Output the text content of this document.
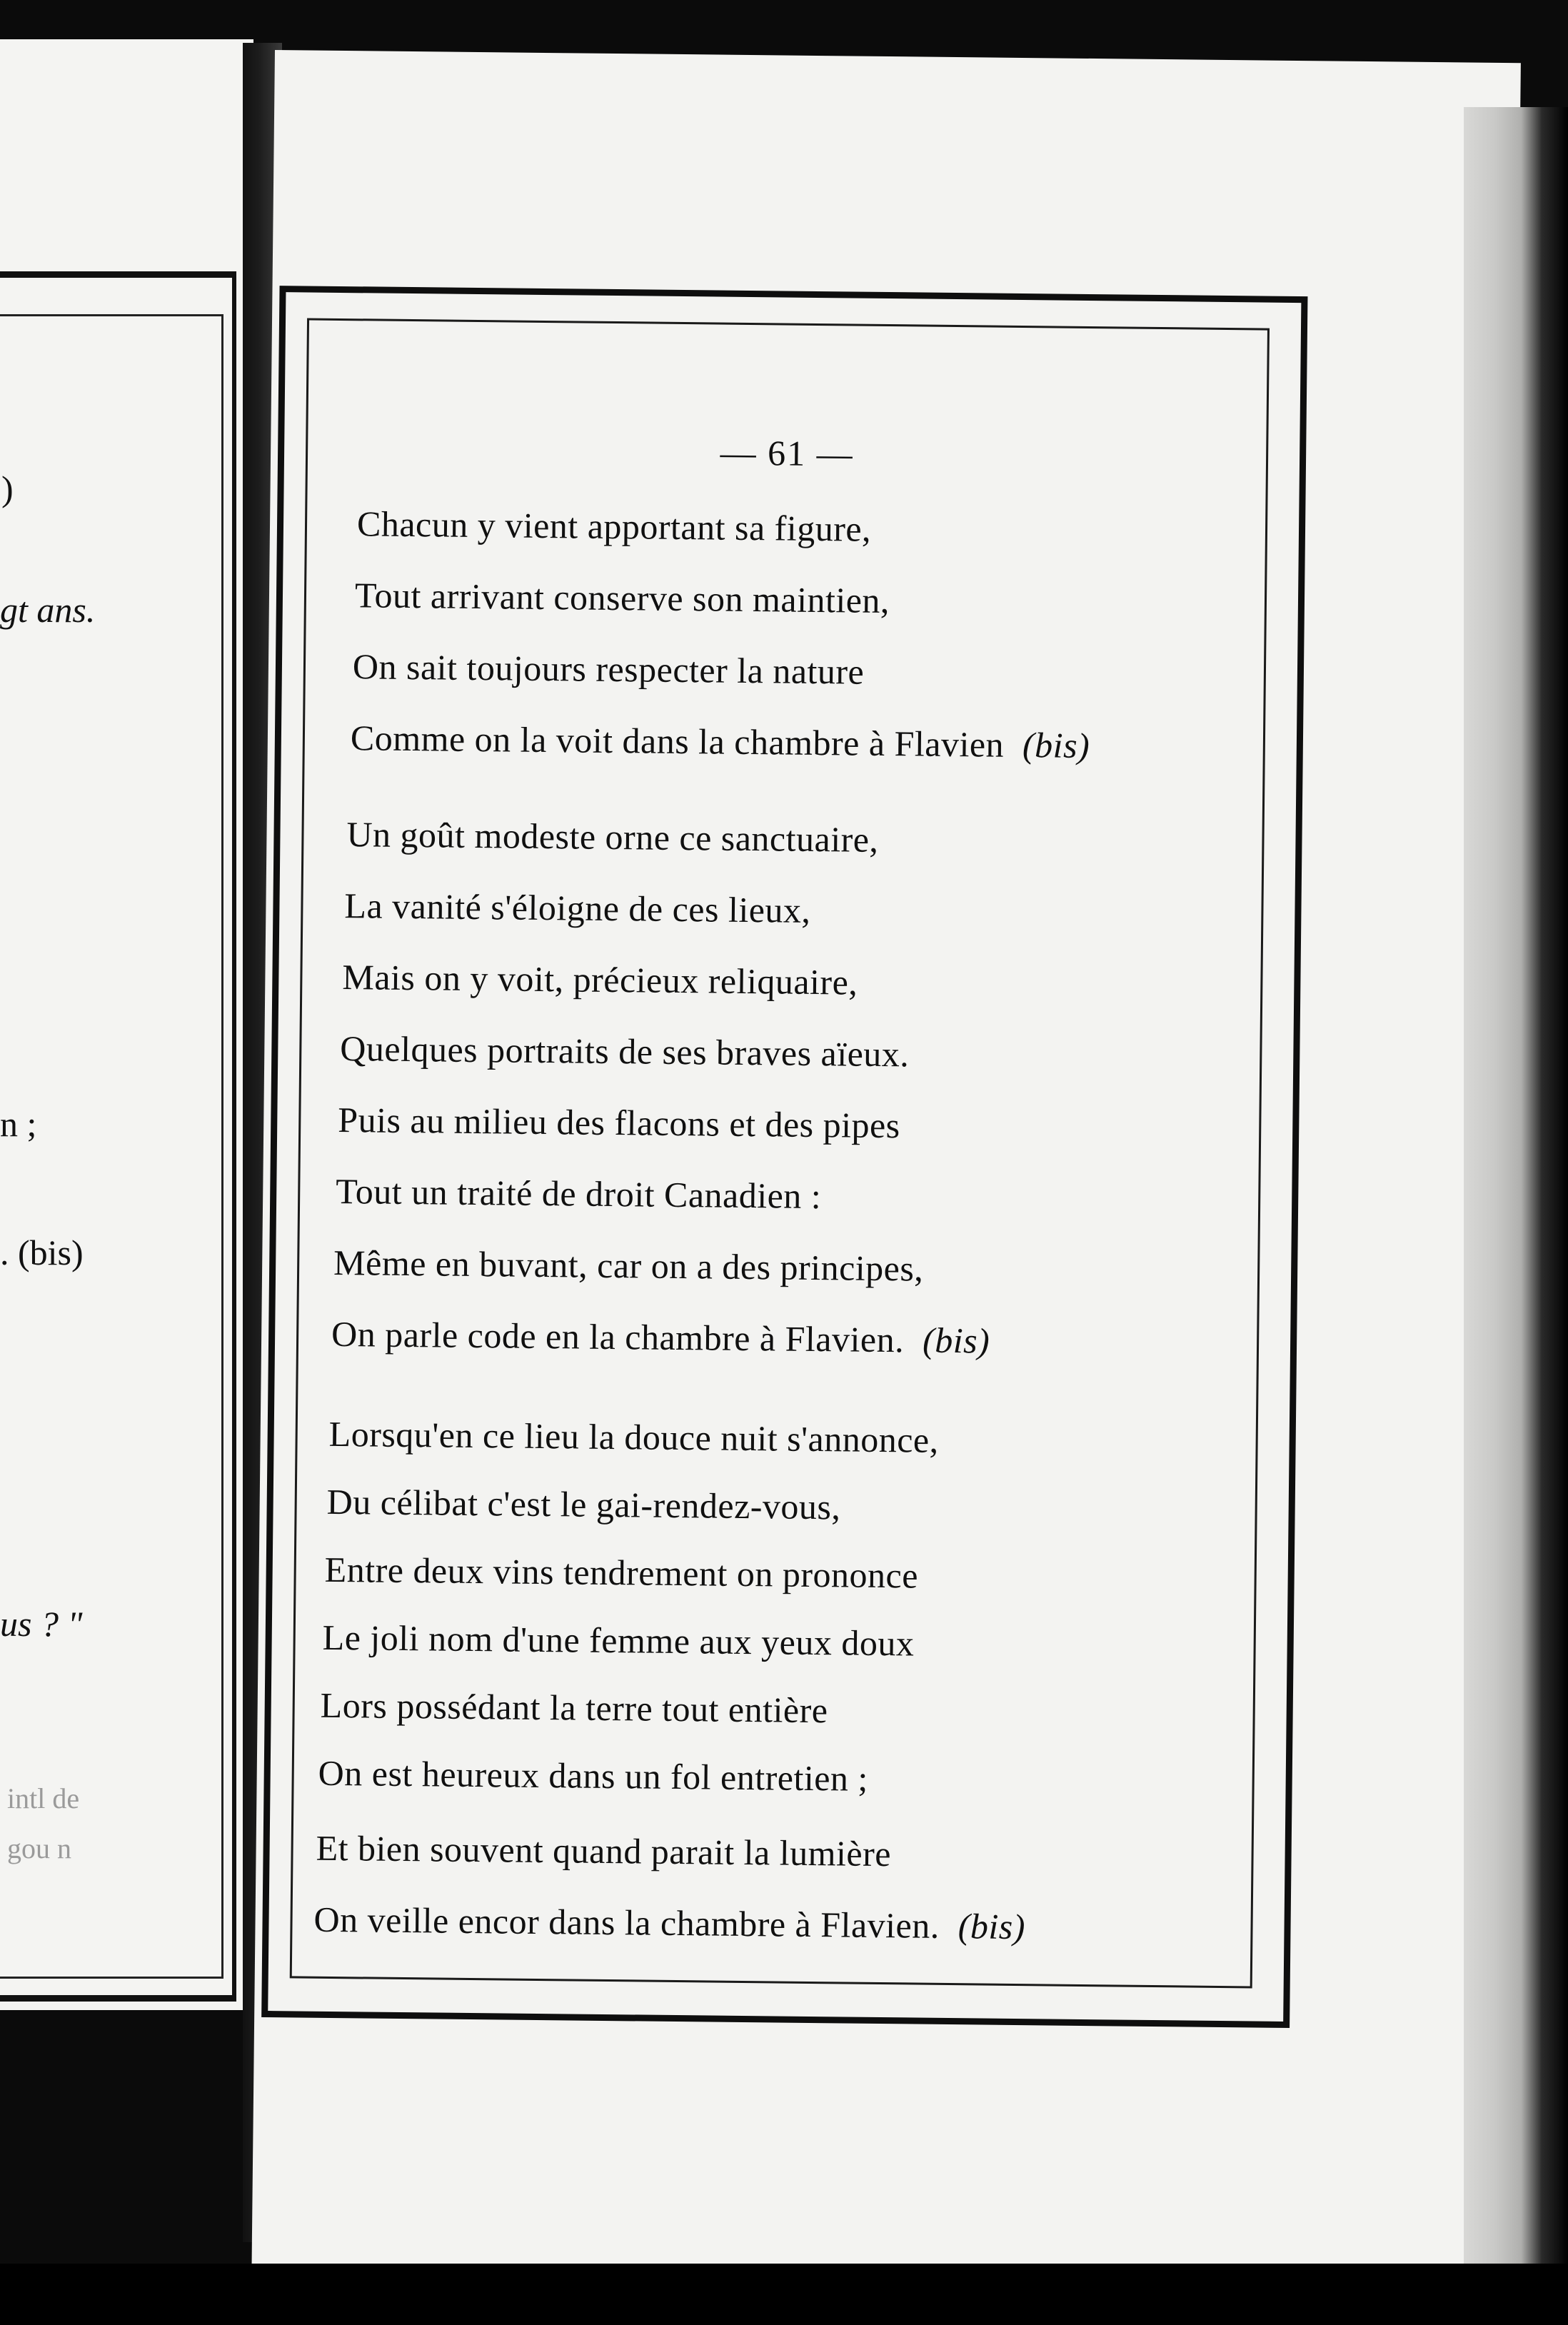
)
gt ans.
n ;
. (bis)
us ? "
intl de
gou n
— 61 —
Chacun y vient apportant sa figure,
Tout arrivant conserve son maintien,
On sait toujours respecter la nature
Comme on la voit dans la chambre à Flavien  (bis)
Un goût modeste orne ce sanctuaire,
La vanité s'éloigne de ces lieux,
Mais on y voit, précieux reliquaire,
Quelques portraits de ses braves aïeux.
Puis au milieu des flacons et des pipes
Tout un traité de droit Canadien :
Même en buvant, car on a des principes,
On parle code en la chambre à Flavien.  (bis)
Lorsqu'en ce lieu la douce nuit s'annonce,
Du célibat c'est le gai-rendez-vous,
Entre deux vins tendrement on prononce
Le joli nom d'une femme aux yeux doux
Lors possédant la terre tout entière
On est heureux dans un fol entretien ;
Et bien souvent quand parait la lumière
On veille encor dans la chambre à Flavien.  (bis)
